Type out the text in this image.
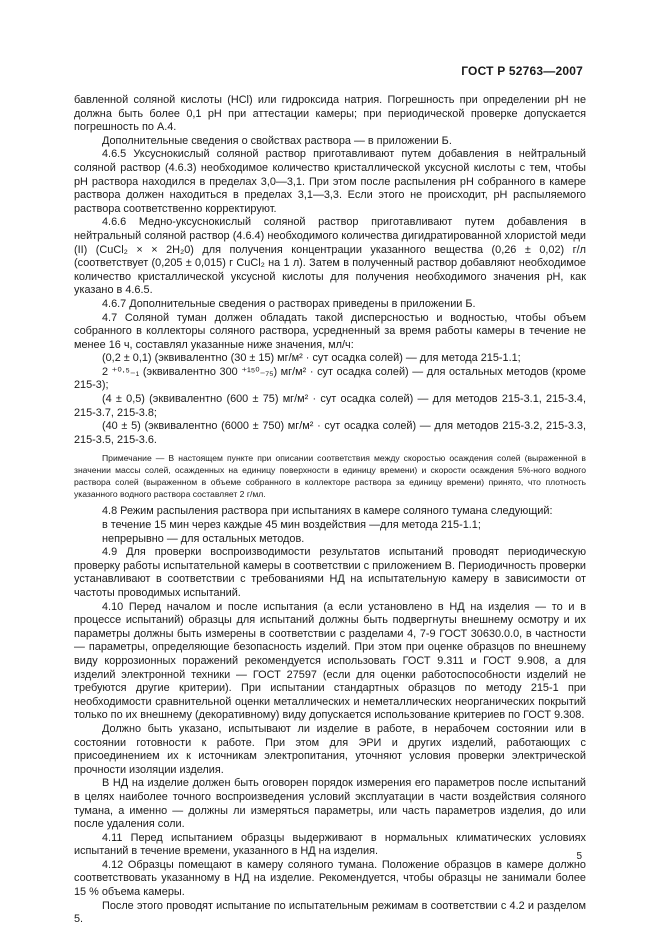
ГОСТ Р 52763—2007

бавленной соляной кислоты (HCl) или гидроксида натрия. Погрешность при определении pH не должна быть более 0,1 pH при аттестации камеры; при периодической проверке допускается погрешность по А.4.

Дополнительные сведения о свойствах раствора — в приложении Б.

4.6.5 Уксуснокислый соляной раствор приготавливают путем добавления в нейтральный соляной раствор (4.6.3) необходимое количество кристаллической уксусной кислоты с тем, чтобы pH раствора находился в пределах 3,0—3,1. При этом после распыления pH собранного в камере раствора должен находиться в пределах 3,1—3,3. Если этого не происходит, pH распыляемого раствора соответственно корректируют.

4.6.6 Медно-уксуснокислый соляной раствор приготавливают путем добавления в нейтральный соляной раствор (4.6.4) необходимого количества дигидратированной хлористой меди (II) (CuCl₂ × × 2H₂0) для получения концентрации указанного вещества (0,26 ± 0,02) г/л (соответствует (0,205 ± 0,015) г CuCl₂ на 1 л). Затем в полученный раствор добавляют необходимое количество кристаллической уксусной кислоты для получения необходимого значения pH, как указано в 4.6.5.

4.6.7 Дополнительные сведения о растворах приведены в приложении Б.

4.7 Соляной туман должен обладать такой дисперсностью и водностью, чтобы объем собранного в коллекторы соляного раствора, усредненный за время работы камеры в течение не менее 16 ч, составлял указанные ниже значения, мл/ч:

(0,2 ± 0,1) (эквивалентно (30 ± 15) мг/м² · сут осадка солей) — для метода 215-1.1;

2 ⁺⁰·⁵₋₁ (эквивалентно 300 ⁺¹⁵⁰₋₇₅) мг/м² · сут осадка солей) — для остальных методов (кроме 215-3);

(4 ± 0,5) (эквивалентно (600 ± 75) мг/м² · сут осадка солей) — для методов 215-3.1, 215-3.4, 215-3.7, 215-3.8;

(40 ± 5) (эквивалентно (6000 ± 750) мг/м² · сут осадка солей) — для методов 215-3.2, 215-3.3, 215-3.5, 215-3.6.

Примечание — В настоящем пункте при описании соответствия между скоростью осаждения солей (выраженной в значении массы солей, осажденных на единицу поверхности в единицу времени) и скорости осаждения 5%-ного водного раствора солей (выраженном в объеме собранного в коллекторе раствора за единицу времени) принято, что плотность указанного водного раствора составляет 2 г/мл.

4.8 Режим распыления раствора при испытаниях в камере соляного тумана следующий:

в течение 15 мин через каждые 45 мин воздействия —для метода 215-1.1;

непрерывно — для остальных методов.

4.9 Для проверки воспроизводимости результатов испытаний проводят периодическую проверку работы испытательной камеры в соответствии с приложением В. Периодичность проверки устанавливают в соответствии с требованиями НД на испытательную камеру в зависимости от частоты проводимых испытаний.

4.10 Перед началом и после испытания (а если установлено в НД на изделия — то и в процессе испытаний) образцы для испытаний должны быть подвергнуты внешнему осмотру и их параметры должны быть измерены в соответствии с разделами 4, 7-9 ГОСТ 30630.0.0, в частности — параметры, определяющие безопасность изделий. При этом при оценке образцов по внешнему виду коррозионных поражений рекомендуется использовать ГОСТ 9.311 и ГОСТ 9.908, а для изделий электронной техники — ГОСТ 27597 (если для оценки работоспособности изделий не требуются другие критерии). При испытании стандартных образцов по методу 215-1 при необходимости сравнительной оценки металлических и неметаллических неорганических покрытий только по их внешнему (декоративному) виду допускается использование критериев по ГОСТ 9.308.

Должно быть указано, испытывают ли изделие в работе, в нерабочем состоянии или в состоянии готовности к работе. При этом для ЭРИ и других изделий, работающих с присоединением их к источникам электропитания, уточняют условия проверки электрической прочности изоляции изделия.

В НД на изделие должен быть оговорен порядок измерения его параметров после испытаний в целях наиболее точного воспроизведения условий эксплуатации в части воздействия соляного тумана, а именно — должны ли измеряться параметры, или часть параметров изделия, до или после удаления соли.

4.11 Перед испытанием образцы выдерживают в нормальных климатических условиях испытаний в течение времени, указанного в НД на изделия.

4.12 Образцы помещают в камеру соляного тумана. Положение образцов в камере должно соответствовать указанному в НД на изделие. Рекомендуется, чтобы образцы не занимали более 15 % объема камеры.

После этого проводят испытание по испытательным режимам в соответствии с 4.2 и разделом 5.

5
